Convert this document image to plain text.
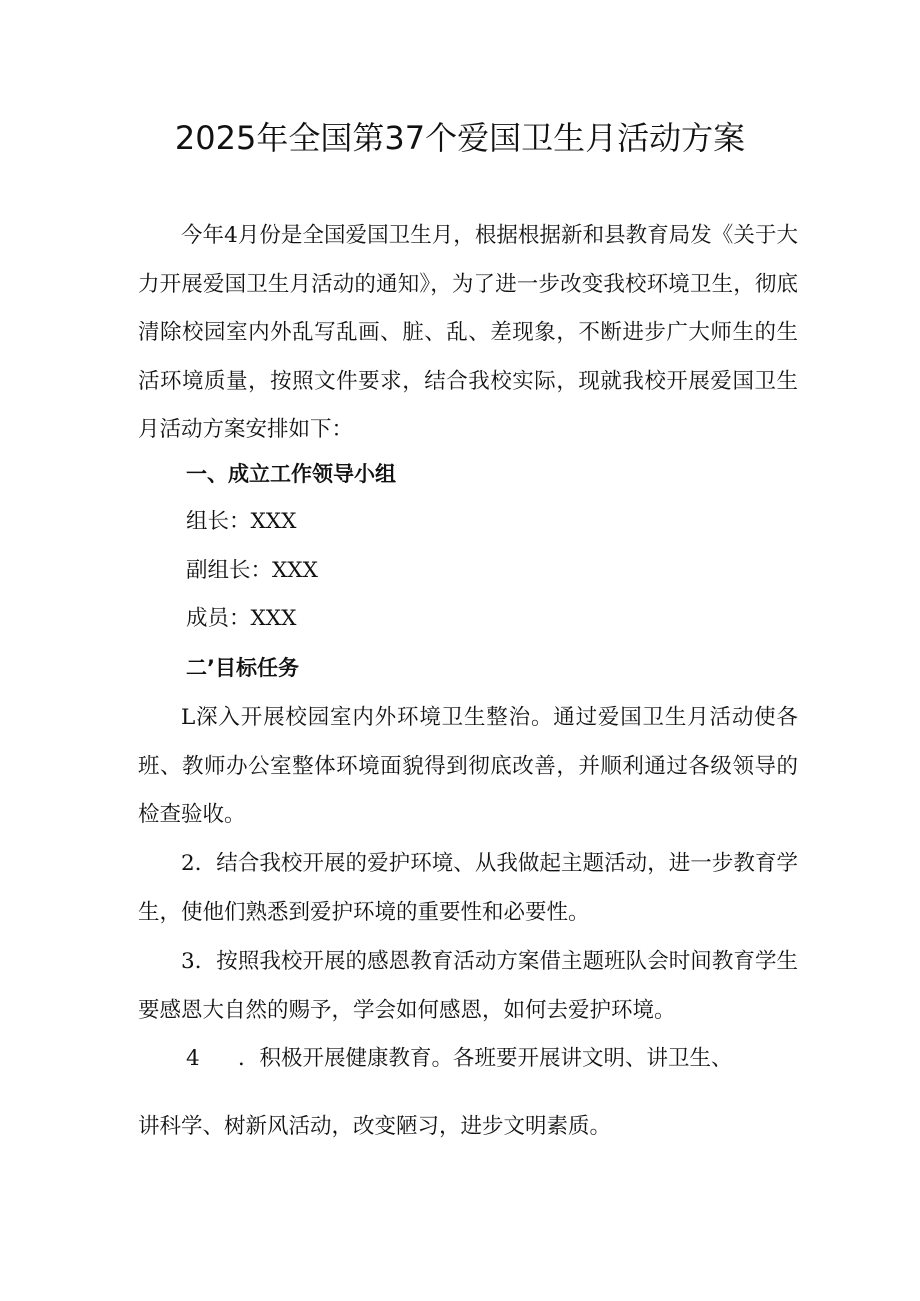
2025年全国第37个爱国卫生月活动方案

今年4月份是全国爱国卫生月，根据根据新和县教育局发《关于大力开展爱国卫生月活动的通知》，为了进一步改变我校环境卫生，彻底清除校园室内外乱写乱画、脏、乱、差现象，不断进步广大师生的生活环境质量，按照文件要求，结合我校实际，现就我校开展爱国卫生月活动方案安排如下：

一、成立工作领导小组
组长：XXX
副组长：XXX
成员：XXX
二’目标任务

L深入开展校园室内外环境卫生整治。通过爱国卫生月活动使各班、教师办公室整体环境面貌得到彻底改善，并顺利通过各级领导的检查验收。

2．结合我校开展的爱护环境、从我做起主题活动，进一步教育学生，使他们熟悉到爱护环境的重要性和必要性。

3．按照我校开展的感恩教育活动方案借主题班队会时间教育学生要感恩大自然的赐予，学会如何感恩，如何去爱护环境。

4 ．积极开展健康教育。各班要开展讲文明、讲卫生、
讲科学、树新风活动，改变陋习，进步文明素质。
